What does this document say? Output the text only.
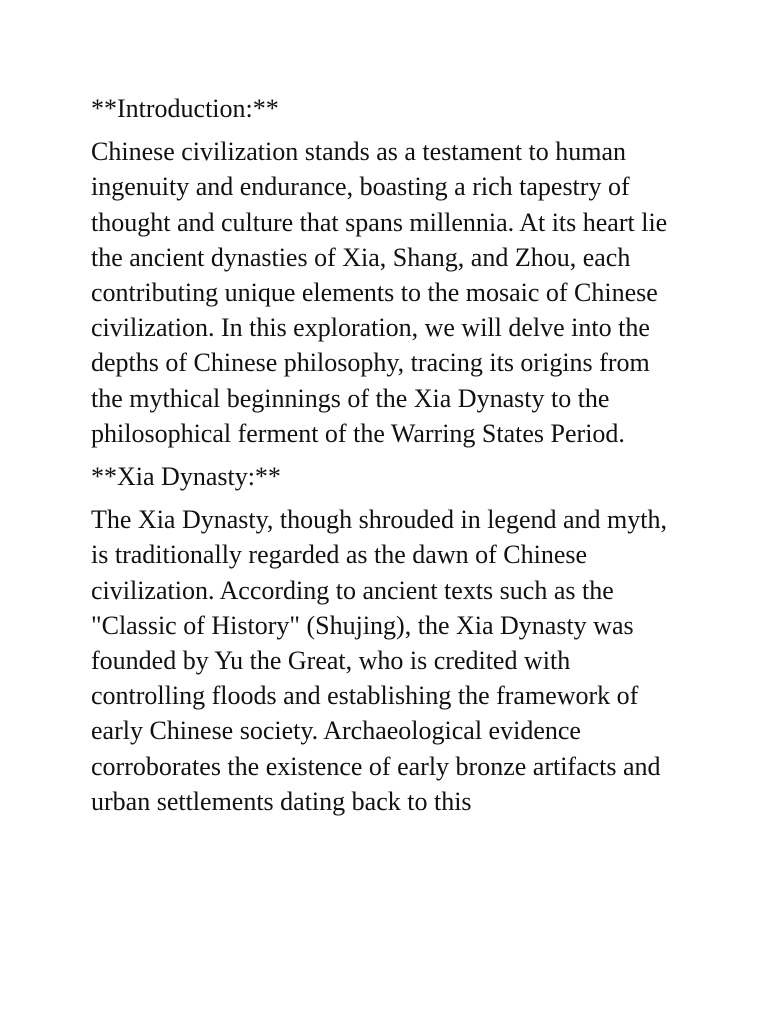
**Introduction:**

Chinese civilization stands as a testament to human ingenuity and endurance, boasting a rich tapestry of thought and culture that spans millennia. At its heart lie the ancient dynasties of Xia, Shang, and Zhou, each contributing unique elements to the mosaic of Chinese civilization. In this exploration, we will delve into the depths of Chinese philosophy, tracing its origins from the mythical beginnings of the Xia Dynasty to the philosophical ferment of the Warring States Period.

**Xia Dynasty:**

The Xia Dynasty, though shrouded in legend and myth, is traditionally regarded as the dawn of Chinese civilization. According to ancient texts such as the "Classic of History" (Shujing), the Xia Dynasty was founded by Yu the Great, who is credited with controlling floods and establishing the framework of early Chinese society. Archaeological evidence corroborates the existence of early bronze artifacts and urban settlements dating back to this
